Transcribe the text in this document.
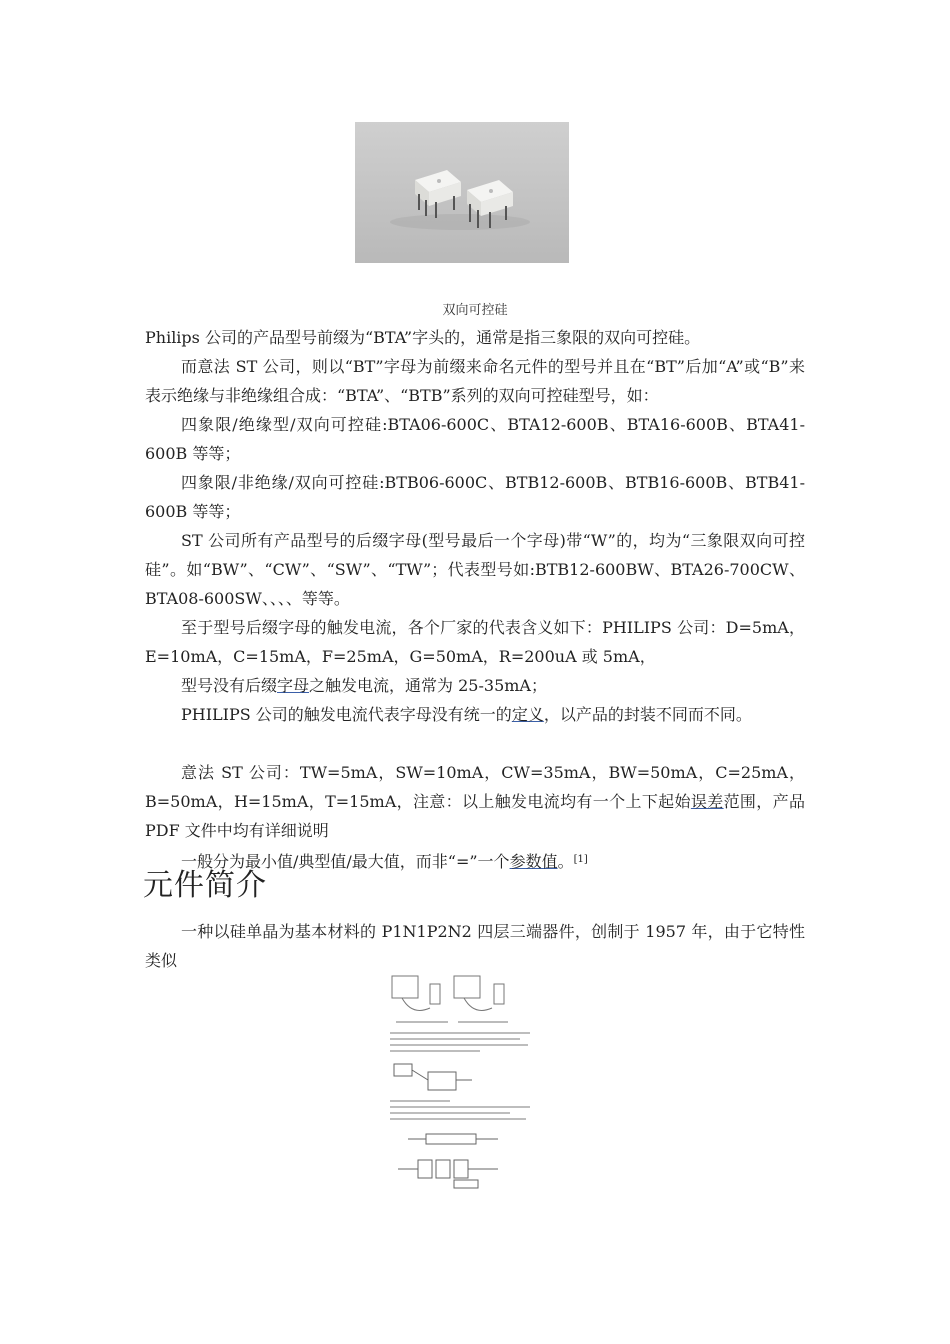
双向可控硅

Philips 公司的产品型号前缀为“BTA”字头的，通常是指三象限的双向可控硅。

而意法 ST 公司，则以“BT”字母为前缀来命名元件的型号并且在“BT”后加“A”或“B”来表示绝缘与非绝缘组合成：“BTA”、“BTB”系列的双向可控硅型号，如：

四象限/绝缘型/双向可控硅:BTA06-600C、BTA12-600B、BTA16-600B、BTA41-600B 等等；

四象限/非绝缘/双向可控硅:BTB06-600C、BTB12-600B、BTB16-600B、BTB41-600B 等等；

ST 公司所有产品型号的后缀字母(型号最后一个字母)带“W”的，均为“三象限双向可控硅”。如“BW”、“CW”、“SW”、“TW”；代表型号如:BTB12-600BW、BTA26-700CW、BTA08-600SW、、、、等等。

至于型号后缀字母的触发电流，各个厂家的代表含义如下：PHILIPS 公司：D=5mA，E=10mA，C=15mA，F=25mA，G=50mA，R=200uA 或 5mA，

型号没有后缀字母之触发电流，通常为 25-35mA；

PHILIPS 公司的触发电流代表字母没有统一的定义，以产品的封装不同而不同。

意法 ST 公司：TW=5mA，SW=10mA，CW=35mA，BW=50mA，C=25mA，B=50mA，H=15mA，T=15mA，注意：以上触发电流均有一个上下起始误差范围，产品 PDF 文件中均有详细说明

一般分为最小值/典型值/最大值，而非“=”一个参数值。[1]

元件简介

一种以硅单晶为基本材料的 P1N1P2N2 四层三端器件，创制于 1957 年，由于它特性类似
